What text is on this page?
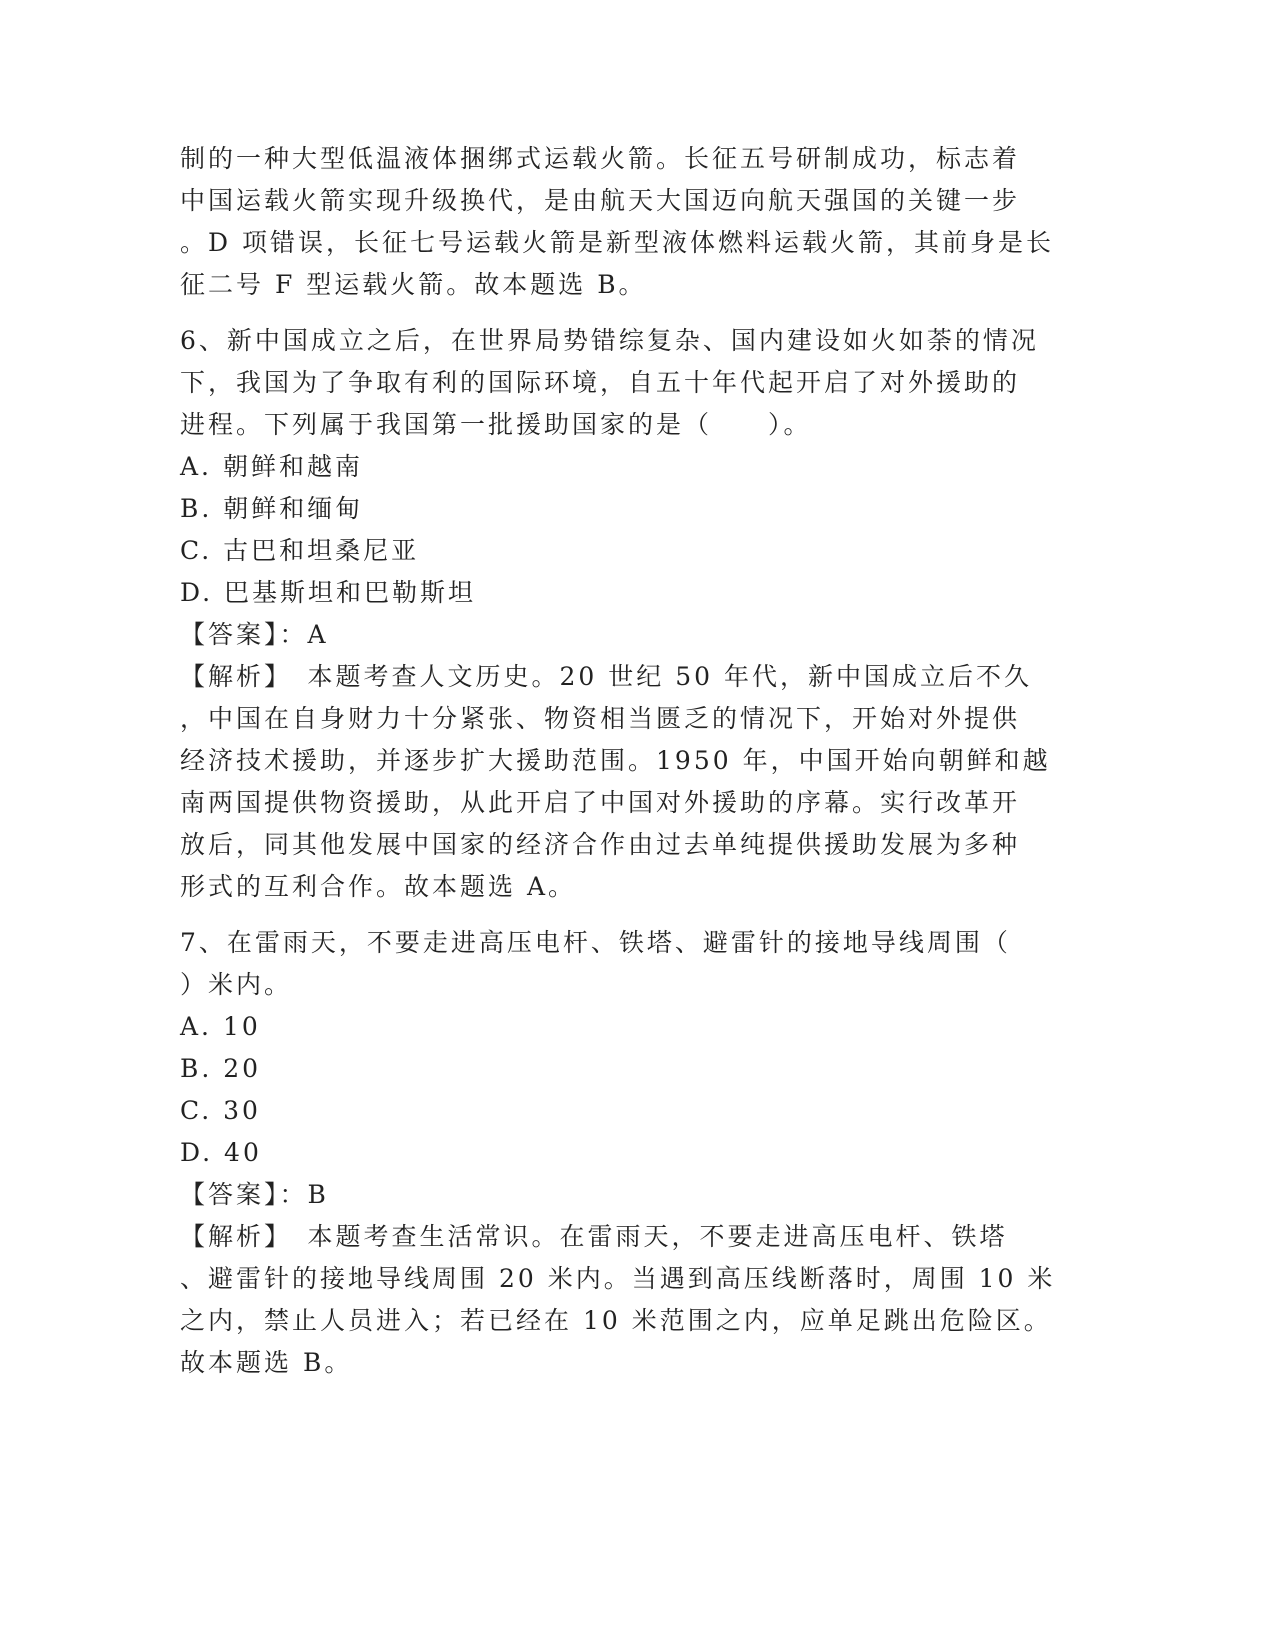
制的一种大型低温液体捆绑式运载火箭。长征五号研制成功，标志着
中国运载火箭实现升级换代，是由航天大国迈向航天强国的关键一步
。D 项错误，长征七号运载火箭是新型液体燃料运载火箭，其前身是长
征二号 F 型运载火箭。故本题选 B。
6、新中国成立之后，在世界局势错综复杂、国内建设如火如荼的情况
下，我国为了争取有利的国际环境，自五十年代起开启了对外援助的
进程。下列属于我国第一批援助国家的是（　　）。
A. 朝鲜和越南
B. 朝鲜和缅甸
C. 古巴和坦桑尼亚
D. 巴基斯坦和巴勒斯坦
【答案】：A
【解析】　本题考查人文历史。20 世纪 50 年代，新中国成立后不久
，中国在自身财力十分紧张、物资相当匮乏的情况下，开始对外提供
经济技术援助，并逐步扩大援助范围。1950 年，中国开始向朝鲜和越
南两国提供物资援助，从此开启了中国对外援助的序幕。实行改革开
放后，同其他发展中国家的经济合作由过去单纯提供援助发展为多种
形式的互利合作。故本题选 A。
7、在雷雨天，不要走进高压电杆、铁塔、避雷针的接地导线周围（
）米内。
A. 10
B. 20
C. 30
D. 40
【答案】：B
【解析】　本题考查生活常识。在雷雨天，不要走进高压电杆、铁塔
、避雷针的接地导线周围 20 米内。当遇到高压线断落时，周围 10 米
之内，禁止人员进入；若已经在 10 米范围之内，应单足跳出危险区。
故本题选 B。
